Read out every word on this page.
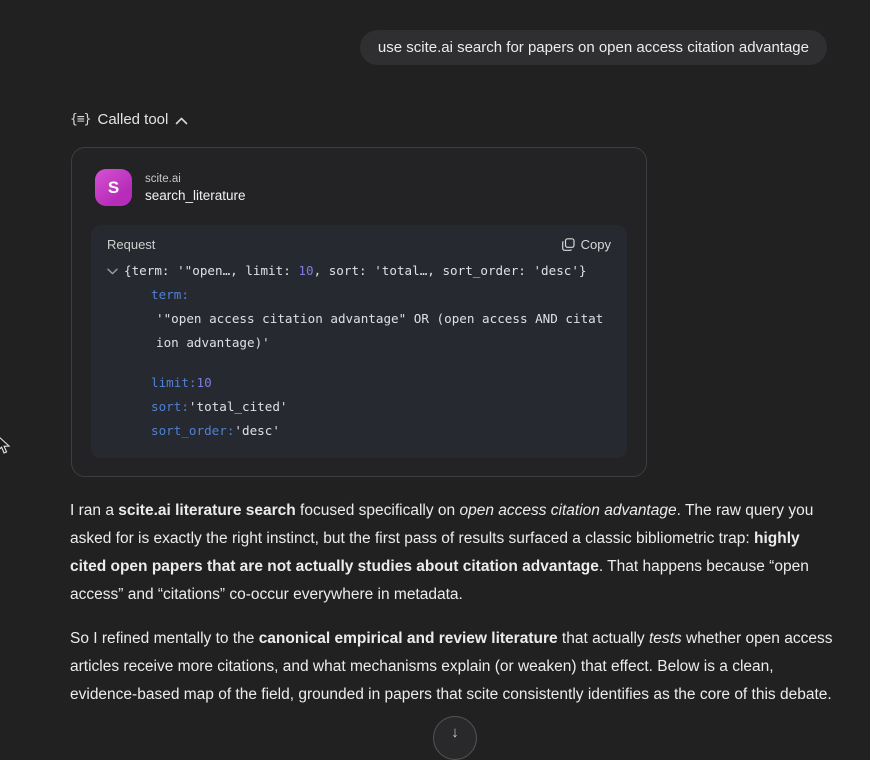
use scite.ai search for papers on open access citation advantage
{≡} Called tool
S	scite.ai
search_literature
Request	Copy
{term: '"open…, limit: 10, sort: 'total…, sort_order: 'desc'}
term:
'"open access citation advantage" OR (open access AND citation advantage)'
limit:10
sort:'total_cited'
sort_order:'desc'

I ran a scite.ai literature search focused specifically on open access citation advantage. The raw query you asked for is exactly the right instinct, but the first pass of results surfaced a classic bibliometric trap: highly cited open papers that are not actually studies about citation advantage. That happens because “open access” and “citations” co-occur everywhere in metadata.

So I refined mentally to the canonical empirical and review literature that actually tests whether open access articles receive more citations, and what mechanisms explain (or weaken) that effect. Below is a clean, evidence-based map of the field, grounded in papers that scite consistently identifies as the core of this debate.

↓
